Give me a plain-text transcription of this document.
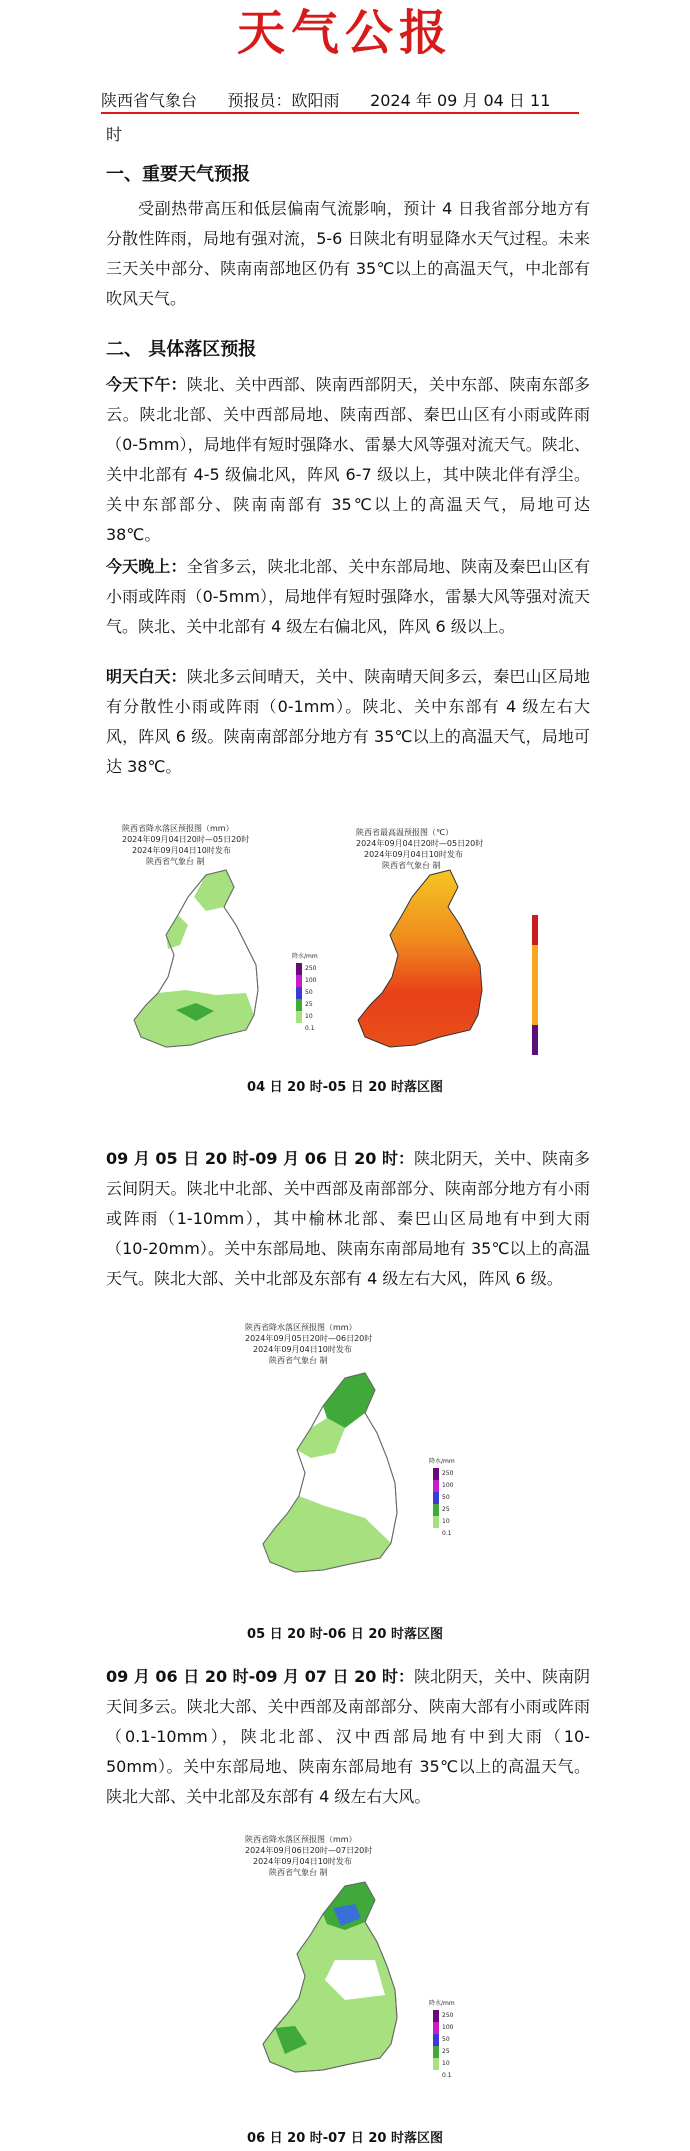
天气公报
陕西省气象台 预报员：欧阳雨 2024 年 09 月 04 日 11
时
一、重要天气预报
受副热带高压和低层偏南气流影响，预计 4 日我省部分地方有分散性阵雨，局地有强对流，5-6 日陕北有明显降水天气过程。未来三天关中部分、陕南南部地区仍有 35℃以上的高温天气，中北部有吹风天气。
二、 具体落区预报
今天下午：陕北、关中西部、陕南西部阴天，关中东部、陕南东部多云。陕北北部、关中西部局地、陕南西部、秦巴山区有小雨或阵雨（0-5mm），局地伴有短时强降水、雷暴大风等强对流天气。陕北、关中北部有 4-5 级偏北风，阵风 6-7 级以上，其中陕北伴有浮尘。关中东部部分、陕南南部有 35℃以上的高温天气，局地可达 38℃。
今天晚上：全省多云，陕北北部、关中东部局地、陕南及秦巴山区有小雨或阵雨（0-5mm），局地伴有短时强降水，雷暴大风等强对流天气。陕北、关中北部有 4 级左右偏北风，阵风 6 级以上。
明天白天：陕北多云间晴天，关中、陕南晴天间多云，秦巴山区局地有分散性小雨或阵雨（0-1mm）。陕北、关中东部有 4 级左右大风，阵风 6 级。陕南南部部分地方有 35℃以上的高温天气，局地可达 38℃。
陕西省降水落区预报图（mm）
2024年09月04日20时—05日20时
2024年09月04日10时发布
陕西省气象台 制
降水/mm
250
100
50
25
10
0.1
陕西省最高温预报图（℃）
2024年09月04日20时—05日20时
2024年09月04日10时发布
陕西省气象台 制
04 日 20 时-05 日 20 时落区图
09 月 05 日 20 时-09 月 06 日 20 时：陕北阴天，关中、陕南多云间阴天。陕北中北部、关中西部及南部部分、陕南部分地方有小雨或阵雨（1-10mm），其中榆林北部、秦巴山区局地有中到大雨（10-20mm）。关中东部局地、陕南东南部局地有 35℃以上的高温天气。陕北大部、关中北部及东部有 4 级左右大风，阵风 6 级。
陕西省降水落区预报图（mm）
2024年09月05日20时—06日20时
2024年09月04日10时发布
陕西省气象台 制
降水/mm
250
100
50
25
10
0.1
05 日 20 时-06 日 20 时落区图
09 月 06 日 20 时-09 月 07 日 20 时：陕北阴天，关中、陕南阴天间多云。陕北大部、关中西部及南部部分、陕南大部有小雨或阵雨（0.1-10mm），陕北北部、汉中西部局地有中到大雨（10-50mm）。关中东部局地、陕南东部局地有 35℃以上的高温天气。陕北大部、关中北部及东部有 4 级左右大风。
陕西省降水落区预报图（mm）
2024年09月06日20时—07日20时
2024年09月04日10时发布
陕西省气象台 制
降水/mm
250
100
50
25
10
0.1
06 日 20 时-07 日 20 时落区图
